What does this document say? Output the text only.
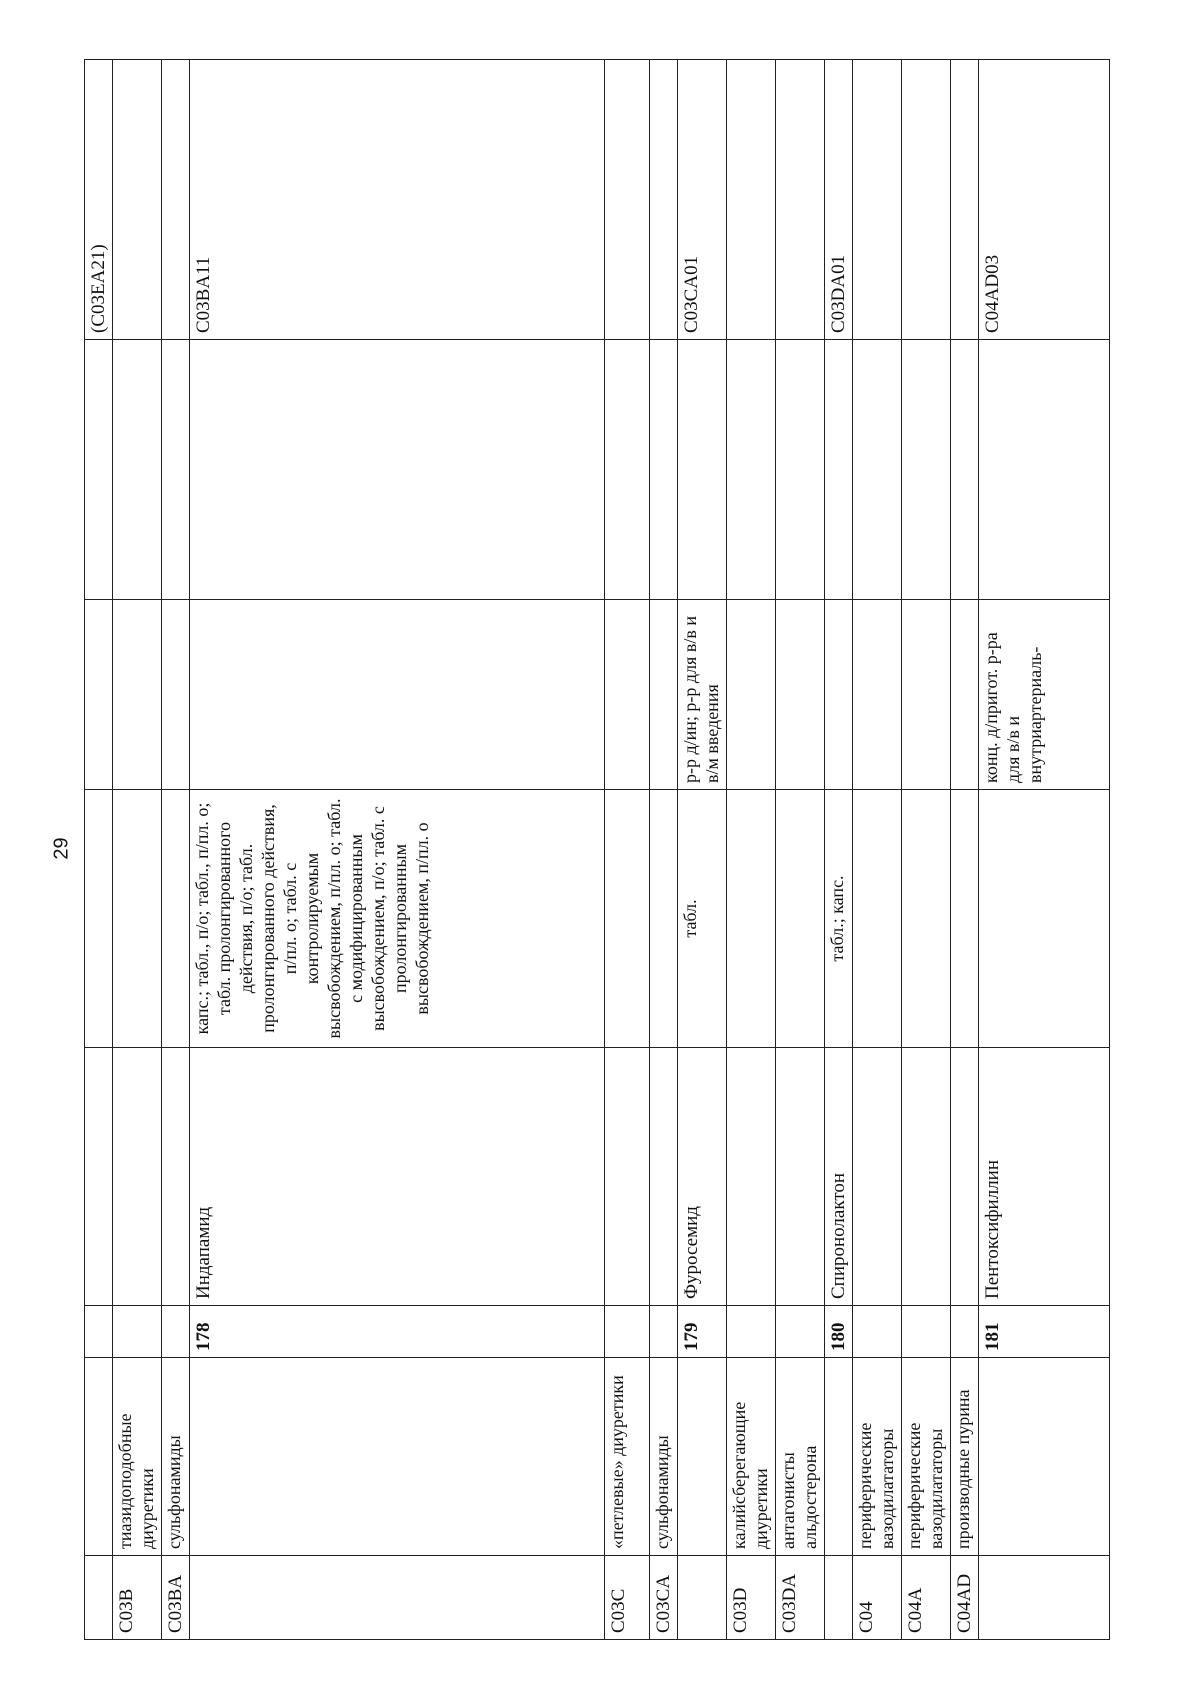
29
							(C03EA21)
C03B	тиазидоподобные диуретики						
C03BA	сульфонамиды						
		178	Индапамид	капс.; табл., п/о; табл., п/пл. о; табл. пролонгированного действия, п/о; табл. пролонгированного действия, п/пл. о; табл. с контролируемым высвобождением, п/пл. о; табл. с модифицированным высвобождением, п/о; табл. с пролонгированным высвобождением, п/пл. о			C03BA11
C03C	«петлевые» диуретики						
C03CA	сульфонамиды						
		179	Фуросемид	табл.	р-р д/ин; р-р для в/в и в/м введения		C03CA01
C03D	калийсберегающие диуретики						
C03DA	антагонисты альдостерона						
		180	Спиронолактон	табл.; капс.			C03DA01
C04	периферические вазодилататоры						
C04A	периферические вазодилататоры						
C04AD	производные пурина						
		181	Пентоксифиллин		конц. д/пригот. р-ра для в/в и внутриартериаль-		C04AD03
